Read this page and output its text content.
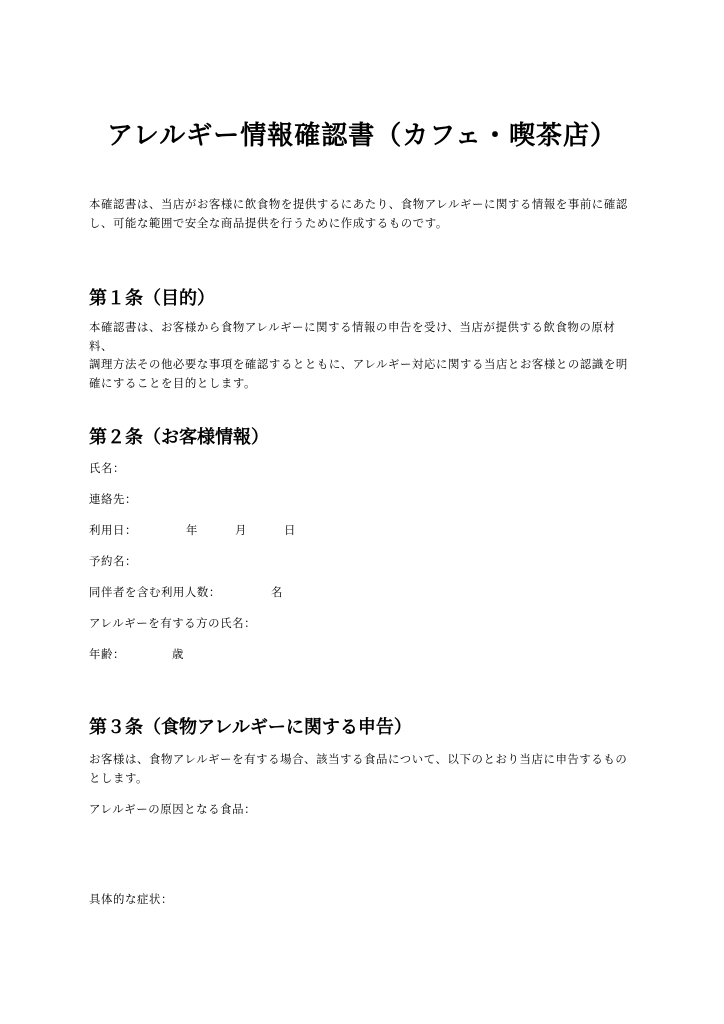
アレルギー情報確認書（カフェ・喫茶店）
本確認書は、当店がお客様に飲食物を提供するにあたり、食物アレルギーに関する情報を事前に確認
し、可能な範囲で安全な商品提供を行うために作成するものです。
第１条（目的）
本確認書は、お客様から食物アレルギーに関する情報の申告を受け、当店が提供する飲食物の原材料、
調理方法その他必要な事項を確認するとともに、アレルギー対応に関する当店とお客様との認識を明
確にすることを目的とします。
第２条（お客様情報）
氏名：
連絡先：
利用日：	年	月	日
予約名：
同伴者を含む利用人数：	名
アレルギーを有する方の氏名：
年齢：	歳
第３条（食物アレルギーに関する申告）
お客様は、食物アレルギーを有する場合、該当する食品について、以下のとおり当店に申告するもの
とします。
アレルギーの原因となる食品：
具体的な症状：
